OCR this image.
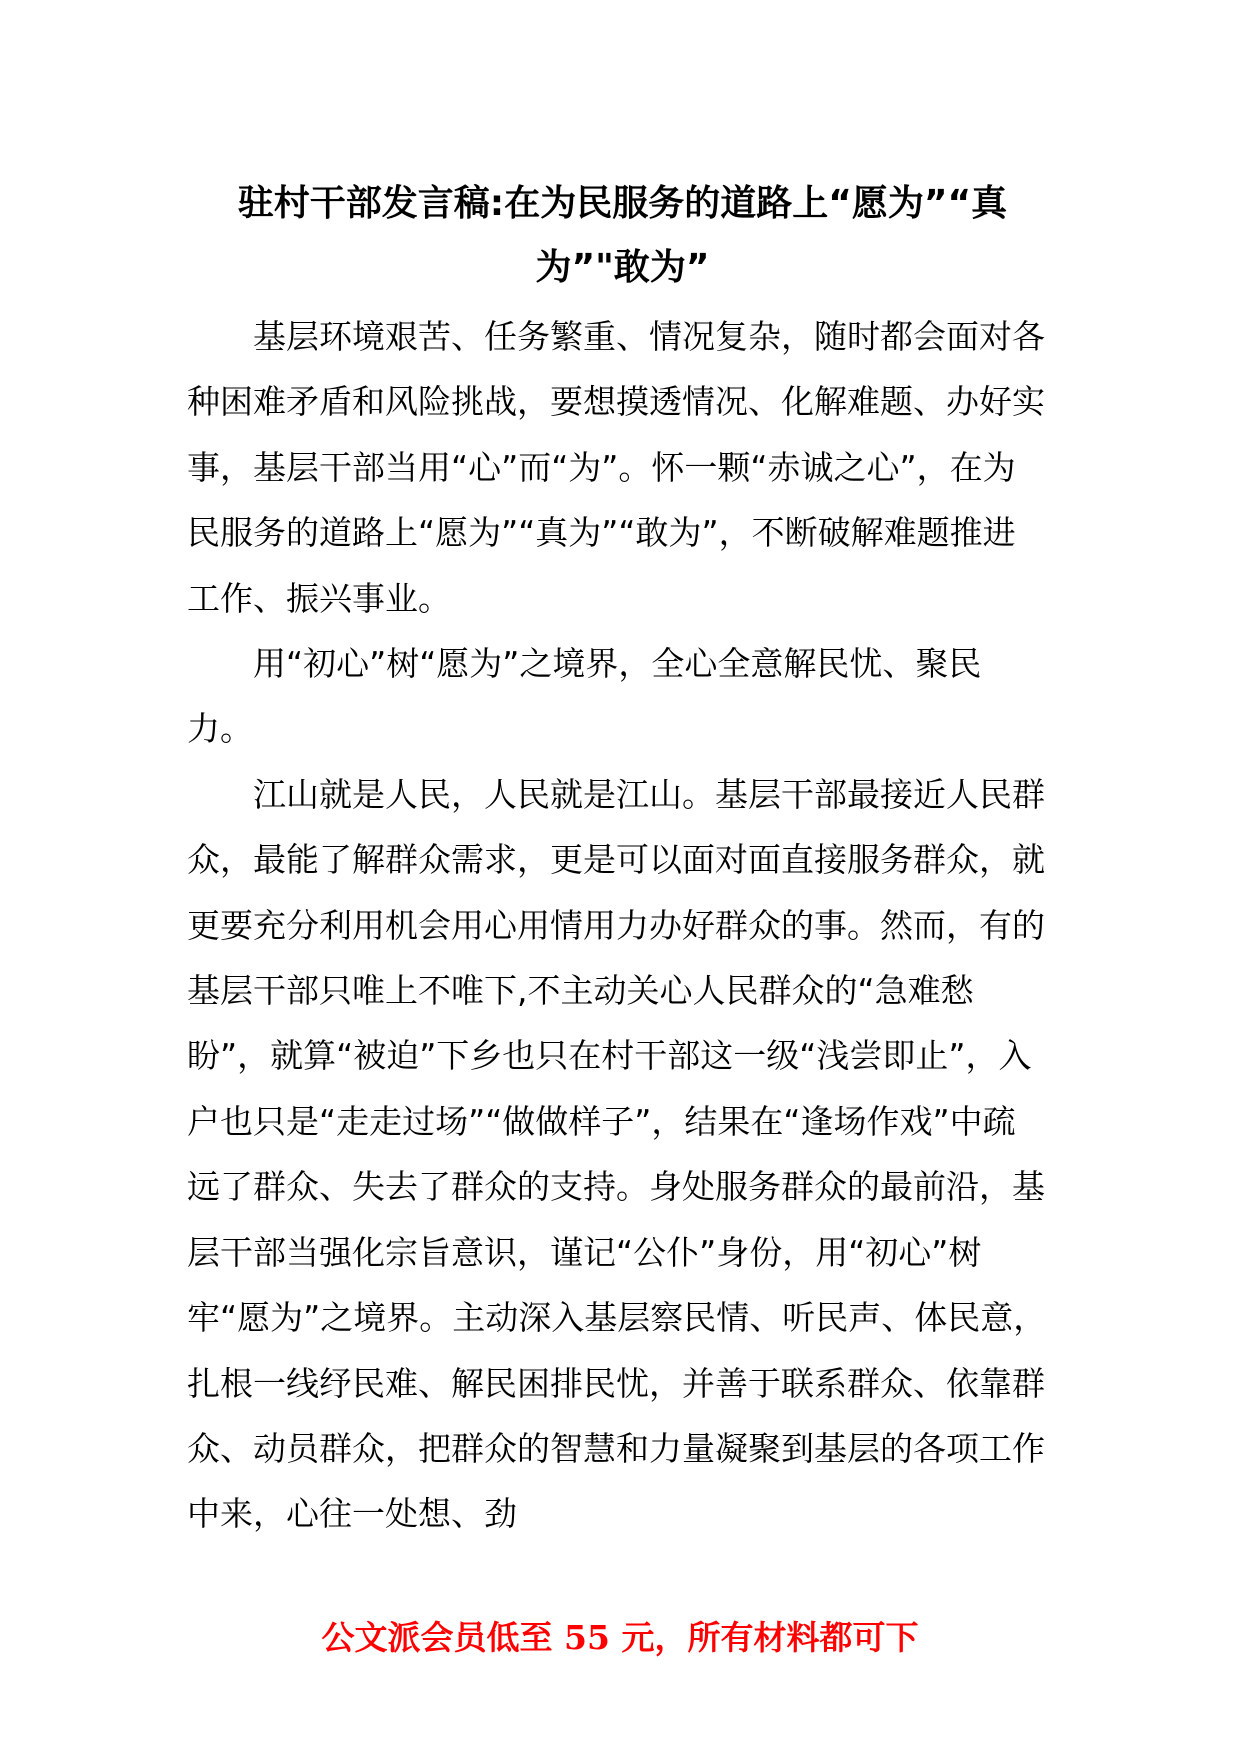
驻村干部发言稿:在为民服务的道路上“愿为”“真为”"敢为”

基层环境艰苦、任务繁重、情况复杂，随时都会面对各种困难矛盾和风险挑战，要想摸透情况、化解难题、办好实事，基层干部当用“心”而“为”。怀一颗“赤诚之心”，在为民服务的道路上“愿为”“真为”“敢为”，不断破解难题推进工作、振兴事业。

用“初心”树“愿为”之境界，全心全意解民忧、聚民力。

江山就是人民，人民就是江山。基层干部最接近人民群众，最能了解群众需求，更是可以面对面直接服务群众，就更要充分利用机会用心用情用力办好群众的事。然而，有的基层干部只唯上不唯下,不主动关心人民群众的“急难愁盼”，就算“被迫”下乡也只在村干部这一级“浅尝即止”，入户也只是“走走过场”“做做样子”，结果在“逢场作戏”中疏远了群众、失去了群众的支持。身处服务群众的最前沿，基层干部当强化宗旨意识，谨记“公仆”身份，用“初心”树牢“愿为”之境界。主动深入基层察民情、听民声、体民意，扎根一线纾民难、解民困排民忧，并善于联系群众、依靠群众、动员群众，把群众的智慧和力量凝聚到基层的各项工作中来，心往一处想、劲

公文派会员低至 55 元，所有材料都可下
